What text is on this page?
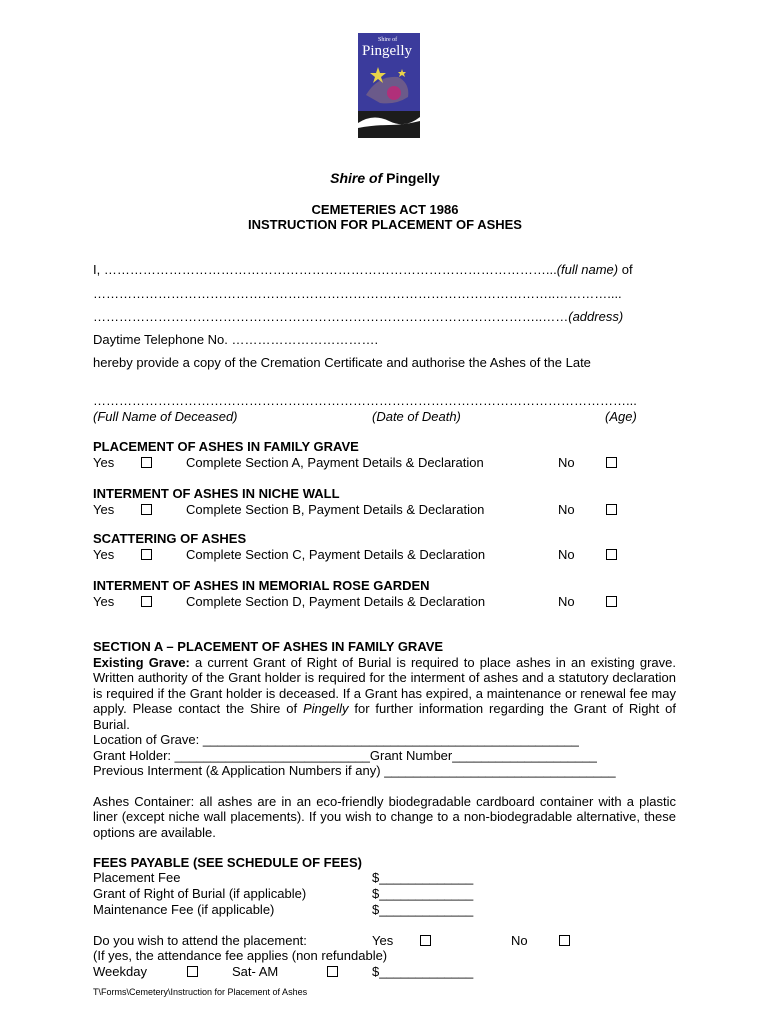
Shire of
Pingelly
Shire of Pingelly
CEMETERIES ACT 1986
INSTRUCTION FOR PLACEMENT OF ASHES
I, …………………………………………………………………………………………...(full name) of
……………………………………………………………………………………………..…………....
…………………………………………………………………………………………..……(address)
Daytime Telephone No. …………………………….
hereby provide a copy of the Cremation Certificate and authorise the Ashes of the Late
……………………………………………………………………………………………………………...
(Full Name of Deceased)	(Date of Death)	(Age)
PLACEMENT OF ASHES IN FAMILY GRAVE
Yes	Complete Section A, Payment Details & Declaration	No
INTERMENT OF ASHES IN NICHE WALL
Yes	Complete Section B, Payment Details & Declaration	No
SCATTERING OF ASHES
Yes	Complete Section C, Payment Details & Declaration	No
INTERMENT OF ASHES IN MEMORIAL ROSE GARDEN
Yes	Complete Section D, Payment Details & Declaration	No
SECTION A – PLACEMENT OF ASHES IN FAMILY GRAVE
Existing Grave: a current Grant of Right of Burial is required to place ashes in an existing grave. Written authority of the Grant holder is required for the interment of ashes and a statutory declaration is required if the Grant holder is deceased. If a Grant has expired, a maintenance or renewal fee may apply. Please contact the Shire of Pingelly for further information regarding the Grant of Right of Burial.
Location of Grave: ____________________________________________________
Grant Holder: ___________________________Grant Number____________________
Previous Interment (& Application Numbers if any) ________________________________
Ashes Container: all ashes are in an eco-friendly biodegradable cardboard container with a plastic liner (except niche wall placements). If you wish to change to a non-biodegradable alternative, these options are available.
FEES PAYABLE (SEE SCHEDULE OF FEES)
Placement Fee	$_____________
Grant of Right of Burial (if applicable)	$_____________
Maintenance Fee (if applicable)	$_____________
Do you wish to attend the placement:	Yes	No
(If yes, the attendance fee applies (non refundable)
Weekday	Sat- AM	$_____________
T\Forms\Cemetery\Instruction for Placement of Ashes
